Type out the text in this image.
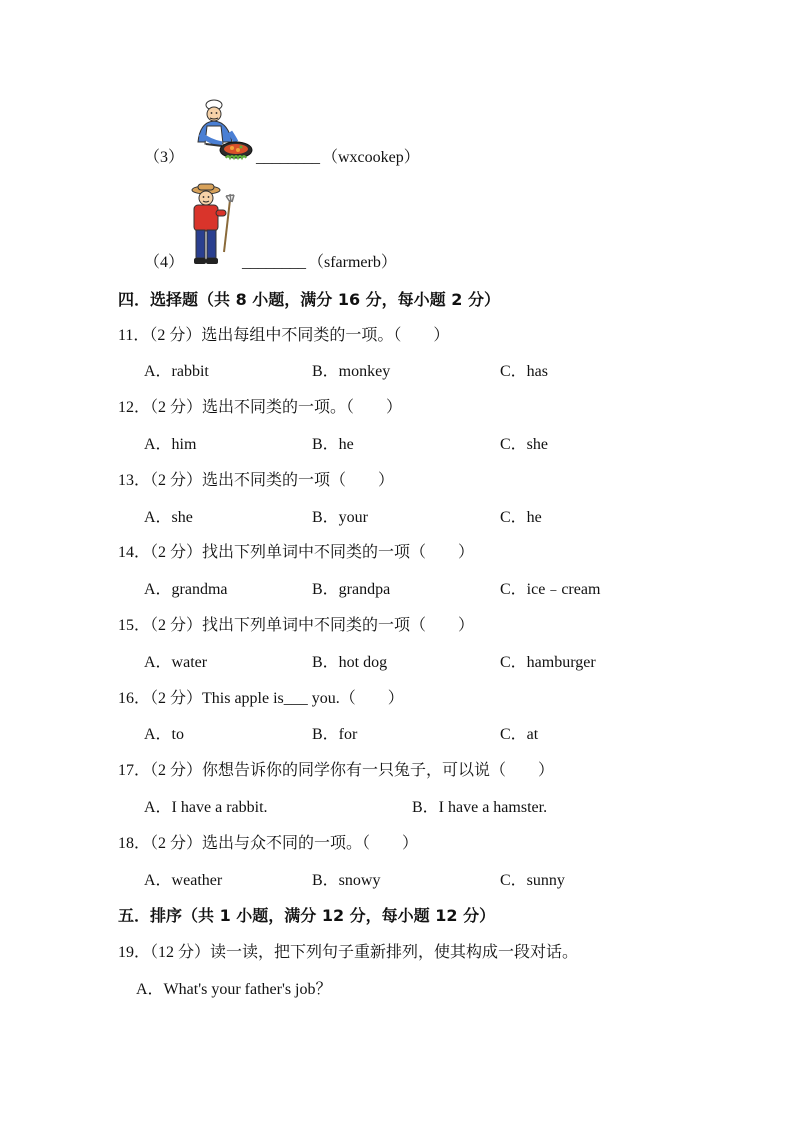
（3）	________ （wxcookep）
（4）	________ （sfarmerb）
四．选择题（共 8 小题，满分 16 分，每小题 2 分）
11．（2 分）选出每组中不同类的一项。（　　）
A．rabbit	B．monkey	C．has
12．（2 分）选出不同类的一项。（　　）
A．him	B．he	C．she
13．（2 分）选出不同类的一项（　　）
A．she	B．your	C．he
14．（2 分）找出下列单词中不同类的一项（　　）
A．grandma	B．grandpa	C．ice﹣cream
15．（2 分）找出下列单词中不同类的一项（　　）
A．water	B．hot dog	C．hamburger
16．（2 分）This apple is___ you.（　　）
A．to	B．for	C．at
17．（2 分）你想告诉你的同学你有一只兔子，可以说（　　）
A．I have a rabbit.	B．I have a hamster.
18．（2 分）选出与众不同的一项。（　　）
A．weather	B．snowy	C．sunny
五．排序（共 1 小题，满分 12 分，每小题 12 分）
19．（12 分）读一读，把下列句子重新排列，使其构成一段对话。
A．What's your father's job？
